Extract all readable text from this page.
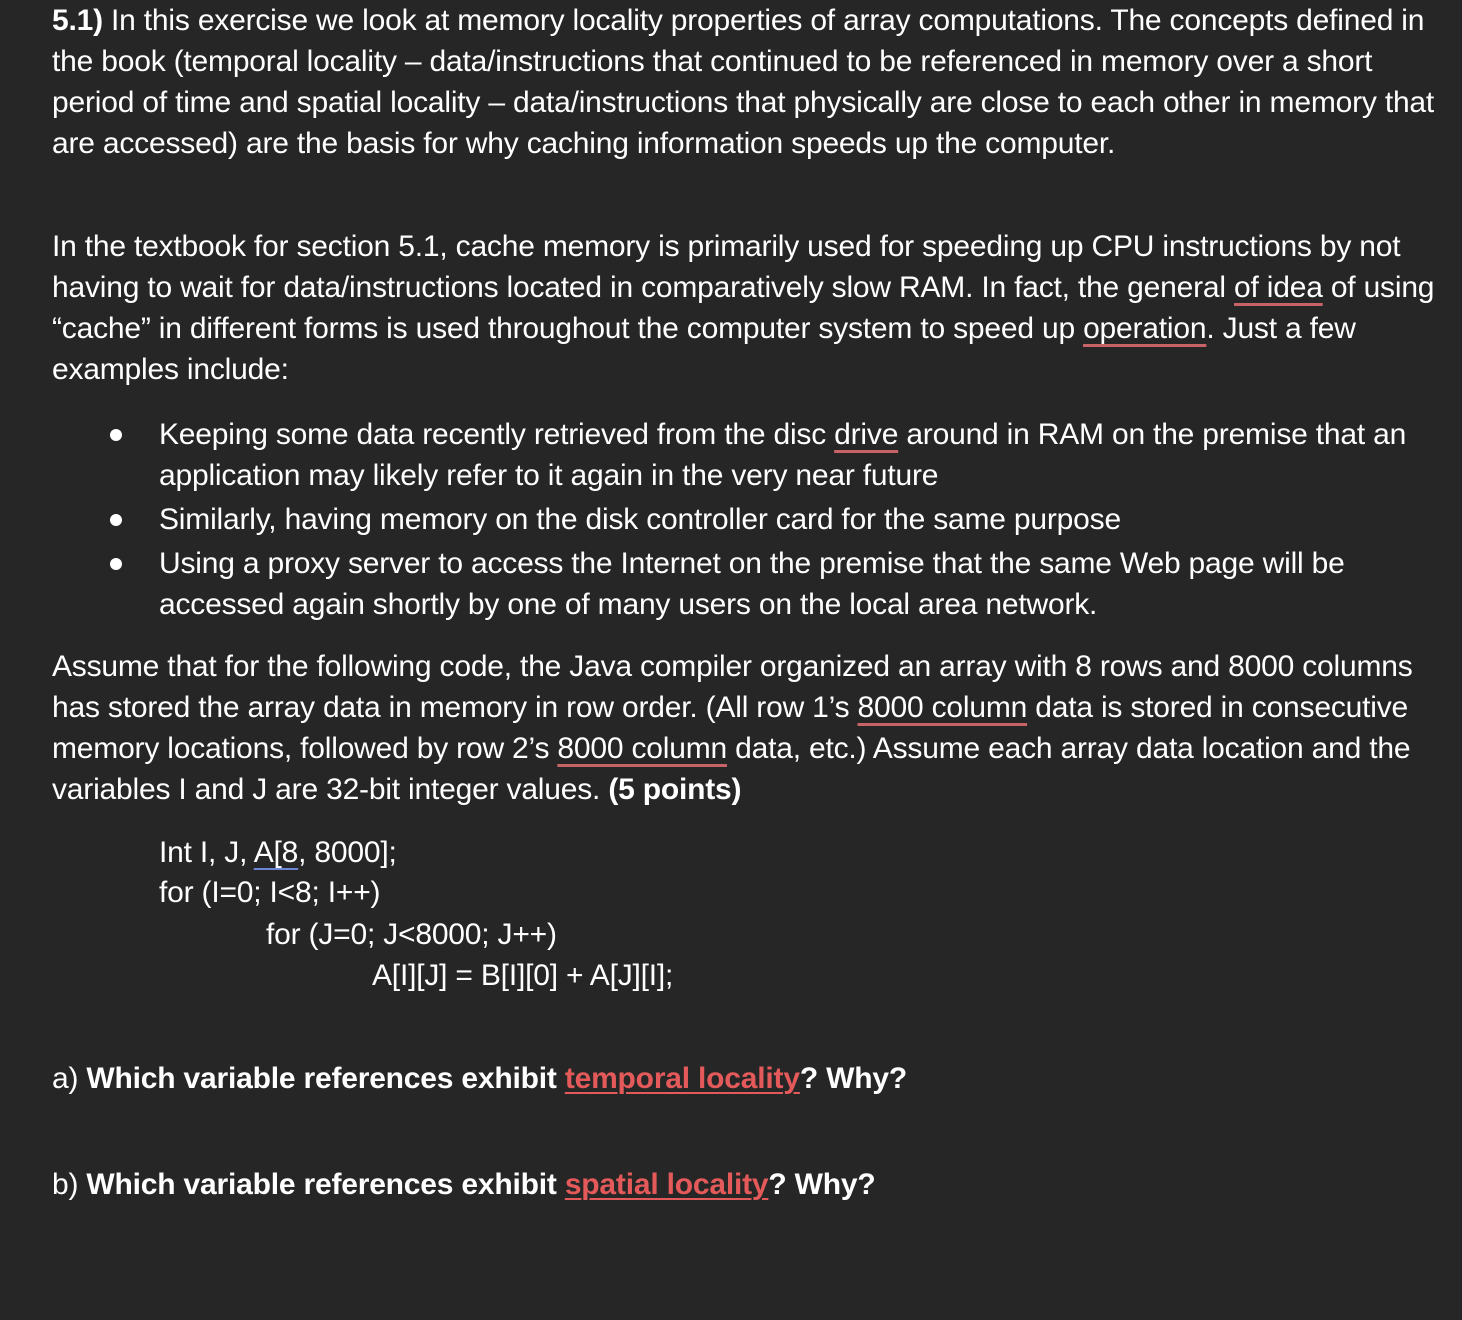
5.1) In this exercise we look at memory locality properties of array computations. The concepts defined in the book (temporal locality – data/instructions that continued to be referenced in memory over a short period of time and spatial locality – data/instructions that physically are close to each other in memory that are accessed) are the basis for why caching information speeds up the computer.

In the textbook for section 5.1, cache memory is primarily used for speeding up CPU instructions by not having to wait for data/instructions located in comparatively slow RAM. In fact, the general of idea of using “cache” in different forms is used throughout the computer system to speed up operation. Just a few examples include:

Keeping some data recently retrieved from the disc drive around in RAM on the premise that an application may likely refer to it again in the very near future
Similarly, having memory on the disk controller card for the same purpose
Using a proxy server to access the Internet on the premise that the same Web page will be accessed again shortly by one of many users on the local area network.

Assume that for the following code, the Java compiler organized an array with 8 rows and 8000 columns has stored the array data in memory in row order. (All row 1’s 8000 column data is stored in consecutive memory locations, followed by row 2’s 8000 column data, etc.) Assume each array data location and the variables I and J are 32-bit integer values. (5 points)

Int I, J, A[8, 8000];

for (I=0; I<8; I++)

for (J=0; J<8000; J++)

A[I][J] = B[I][0] + A[J][I];

a) Which variable references exhibit temporal locality? Why?

b) Which variable references exhibit spatial locality? Why?
